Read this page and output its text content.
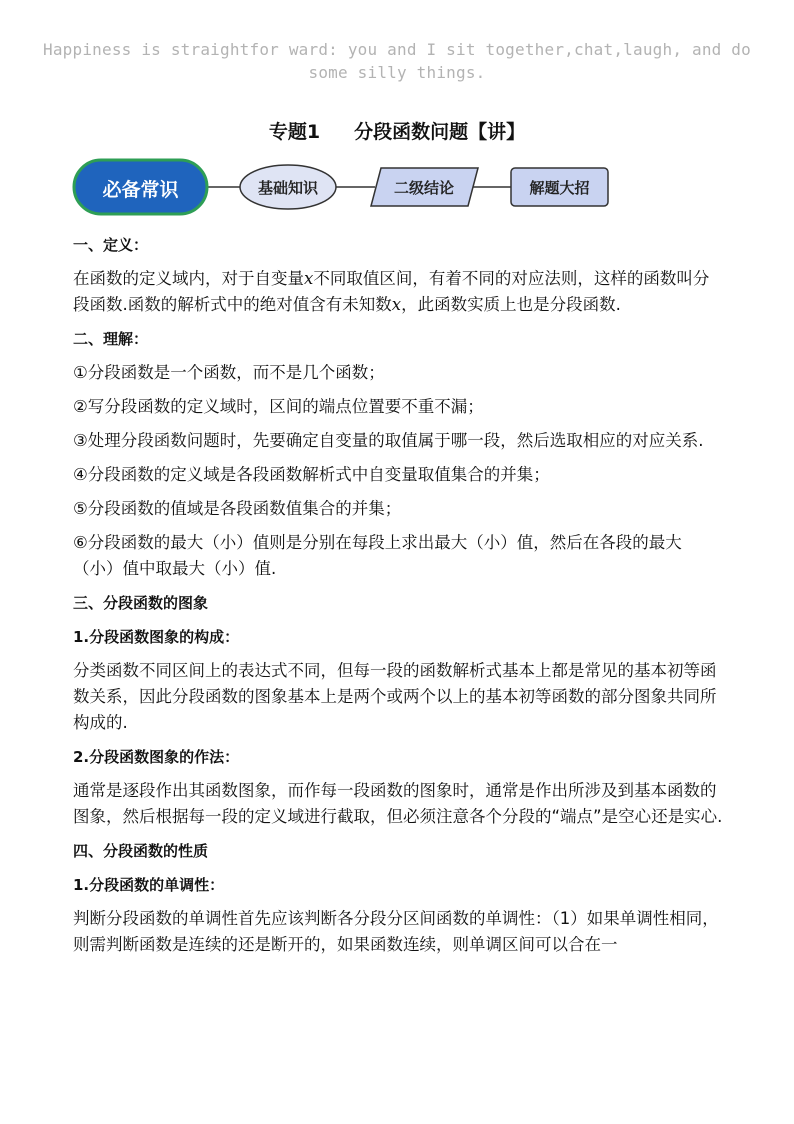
Happiness is straightfor ward: you and I sit together,chat,laugh, and do some silly things.
专题1 分段函数问题【讲】
必备常识	基础知识	二级结论	解题大招
一、定义：
在函数的定义域内，对于自变量x不同取值区间，有着不同的对应法则，这样的函数叫分段函数.函数的解析式中的绝对值含有未知数x，此函数实质上也是分段函数.
二、理解：
①分段函数是一个函数，而不是几个函数；
②写分段函数的定义域时，区间的端点位置要不重不漏；
③处理分段函数问题时，先要确定自变量的取值属于哪一段，然后选取相应的对应关系.
④分段函数的定义域是各段函数解析式中自变量取值集合的并集；
⑤分段函数的值域是各段函数值集合的并集；
⑥分段函数的最大（小）值则是分别在每段上求出最大（小）值，然后在各段的最大（小）值中取最大（小）值.
三、分段函数的图象
1.分段函数图象的构成：
分类函数不同区间上的表达式不同，但每一段的函数解析式基本上都是常见的基本初等函数关系，因此分段函数的图象基本上是两个或两个以上的基本初等函数的部分图象共同所构成的.
2.分段函数图象的作法：
通常是逐段作出其函数图象，而作每一段函数的图象时，通常是作出所涉及到基本函数的图象，然后根据每一段的定义域进行截取，但必须注意各个分段的“端点”是空心还是实心.
四、分段函数的性质
1.分段函数的单调性：
判断分段函数的单调性首先应该判断各分段分区间函数的单调性：（1）如果单调性相同，则需判断函数是连续的还是断开的，如果函数连续，则单调区间可以合在一
